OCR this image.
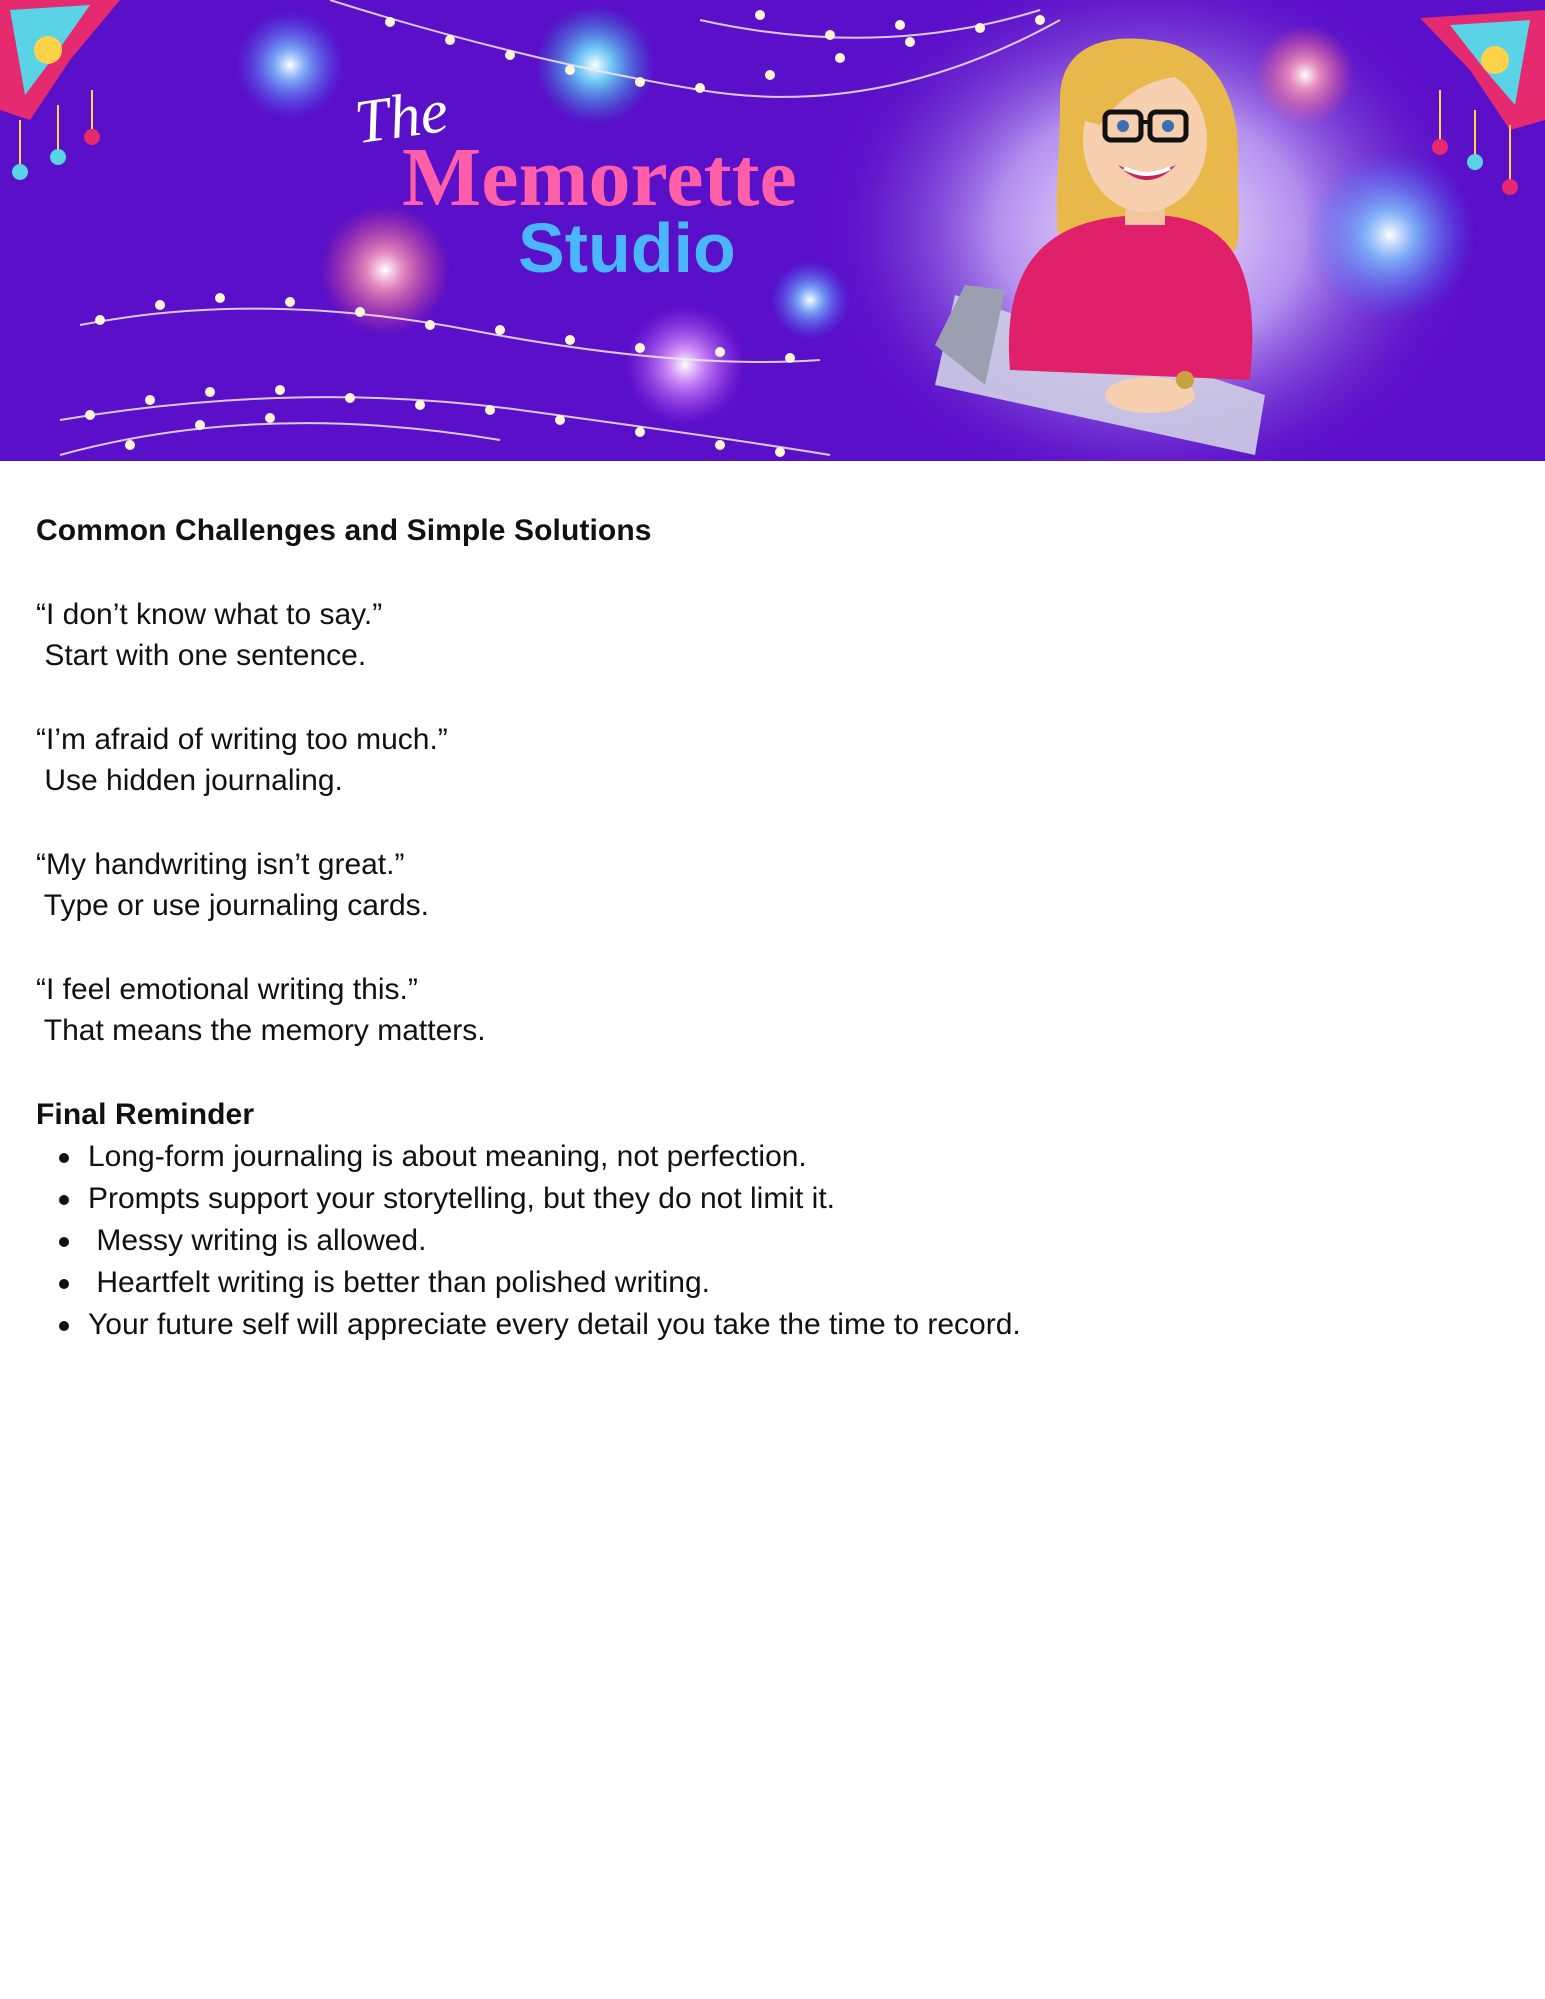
The
Memorette
Studio

Common Challenges and Simple Solutions

“I don’t know what to say.”

Start with one sentence.

“I’m afraid of writing too much.”

Use hidden journaling.

“My handwriting isn’t great.”

Type or use journaling cards.

“I feel emotional writing this.”

That means the memory matters.

Final Reminder

Long-form journaling is about meaning, not perfection.
Prompts support your storytelling, but they do not limit it.
Messy writing is allowed.
Heartfelt writing is better than polished writing.
Your future self will appreciate every detail you take the time to record.
